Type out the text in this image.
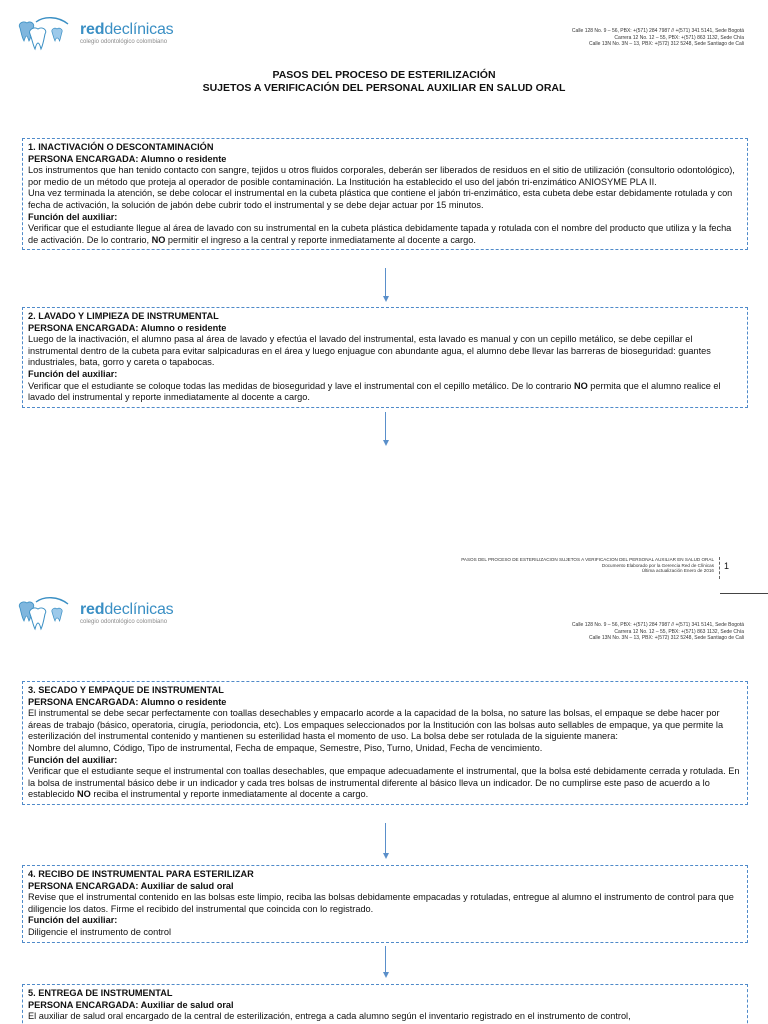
reddeclínicas
colegio odontológico colombiano
Calle 128 No. 9 – 56, PBX: +(571) 284 7987 // +(571) 341 5141, Sede Bogotá
Carrera 12 No. 12 – 55, PBX: +(571) 863 1132, Sede Chía
Calle 13N No. 3N – 13, PBX: +(572) 312 5248, Sede Santiago de Cali
PASOS DEL PROCESO DE ESTERILIZACIÓN
SUJETOS A VERIFICACIÓN DEL PERSONAL AUXILIAR EN SALUD ORAL
1. INACTIVACIÓN O DESCONTAMINACIÓN
PERSONA ENCARGADA: Alumno o residente
Los instrumentos que han tenido contacto con sangre, tejidos u otros fluidos corporales, deberán ser liberados de residuos en el sitio de utilización (consultorio odontológico), por medio de un método que proteja al operador de posible contaminación. La Institución ha establecido el uso del jabón tri-enzimático ANIOSYME PLA II.
Una vez terminada la atención, se debe colocar el instrumental en la cubeta plástica que contiene el jabón tri-enzimático, esta cubeta debe estar debidamente rotulada y con fecha de activación, la solución de jabón debe cubrir todo el instrumental y se debe dejar actuar por 15 minutos.
Función del auxiliar:
Verificar que el estudiante llegue al área de lavado con su instrumental en la cubeta plástica debidamente tapada y rotulada con el nombre del producto que utiliza y la fecha de activación. De lo contrario, NO permitir el ingreso a la central y reporte inmediatamente al docente a cargo.
2. LAVADO Y LIMPIEZA DE INSTRUMENTAL
PERSONA ENCARGADA: Alumno o residente
Luego de la inactivación, el alumno pasa al área de lavado y efectúa el lavado del instrumental, esta lavado es manual y con un cepillo metálico, se debe cepillar el instrumental dentro de la cubeta para evitar salpicaduras en el área y luego enjuague con abundante agua, el alumno debe llevar las barreras de bioseguridad: guantes industriales, bata, gorro y careta o tapabocas.
Función del auxiliar:
Verificar que el estudiante se coloque todas las medidas de bioseguridad y lave el instrumental con el cepillo metálico. De lo contrario NO permita que el alumno realice el lavado del instrumental y reporte inmediatamente al docente a cargo.
PASOS DEL PROCESO DE ESTERILIZACION SUJETOS A VERIFICACION DEL PERSONAL AUXILIAR EN SALUD ORAL
Documento Elaborado por la Gerencia Red de Clínicas
Última actualización Enero de 2016 1
reddeclínicas
colegio odontológico colombiano	Calle 128 No. 9 – 56, PBX: +(571) 284 7987 // +(571) 341 5141, Sede Bogotá
Carrera 12 No. 12 – 55, PBX: +(571) 863 1132, Sede Chía
Calle 13N No. 3N – 13, PBX: +(572) 312 5248, Sede Santiago de Cali
3. SECADO Y EMPAQUE DE INSTRUMENTAL
PERSONA ENCARGADA: Alumno o residente
El instrumental se debe secar perfectamente con toallas desechables y empacarlo acorde a la capacidad de la bolsa, no sature las bolsas, el empaque se debe hacer por áreas de trabajo (básico, operatoria, cirugía, periodoncia, etc). Los empaques seleccionados por la Institución con las bolsas auto sellables de empaque, ya que permite la esterilización del instrumental contenido y mantienen su esterilidad hasta el momento de uso. La bolsa debe ser rotulada de la siguiente manera:
Nombre del alumno, Código, Tipo de instrumental, Fecha de empaque, Semestre, Piso, Turno, Unidad, Fecha de vencimiento.
Función del auxiliar:
Verificar que el estudiante seque el instrumental con toallas desechables, que empaque adecuadamente el instrumental, que la bolsa esté debidamente cerrada y rotulada. En la bolsa de instrumental básico debe ir un indicador y cada tres bolsas de instrumental diferente al básico lleva un indicador. De no cumplirse este paso de acuerdo a lo establecido NO reciba el instrumental y reporte inmediatamente al docente a cargo.
4. RECIBO DE INSTRUMENTAL PARA ESTERILIZAR
PERSONA ENCARGADA: Auxiliar de salud oral
Revise que el instrumental contenido en las bolsas este limpio, reciba las bolsas debidamente empacadas y rotuladas, entregue al alumno el instrumento de control para que diligencie los datos. Firme el recibido del instrumental que coincida con lo registrado.
Función del auxiliar:
Diligencie el instrumento de control
5. ENTREGA DE INSTRUMENTAL
PERSONA ENCARGADA: Auxiliar de salud oral
El auxiliar de salud oral encargado de la central de esterilización, entrega a cada alumno según el inventario registrado en el instrumento de control,
